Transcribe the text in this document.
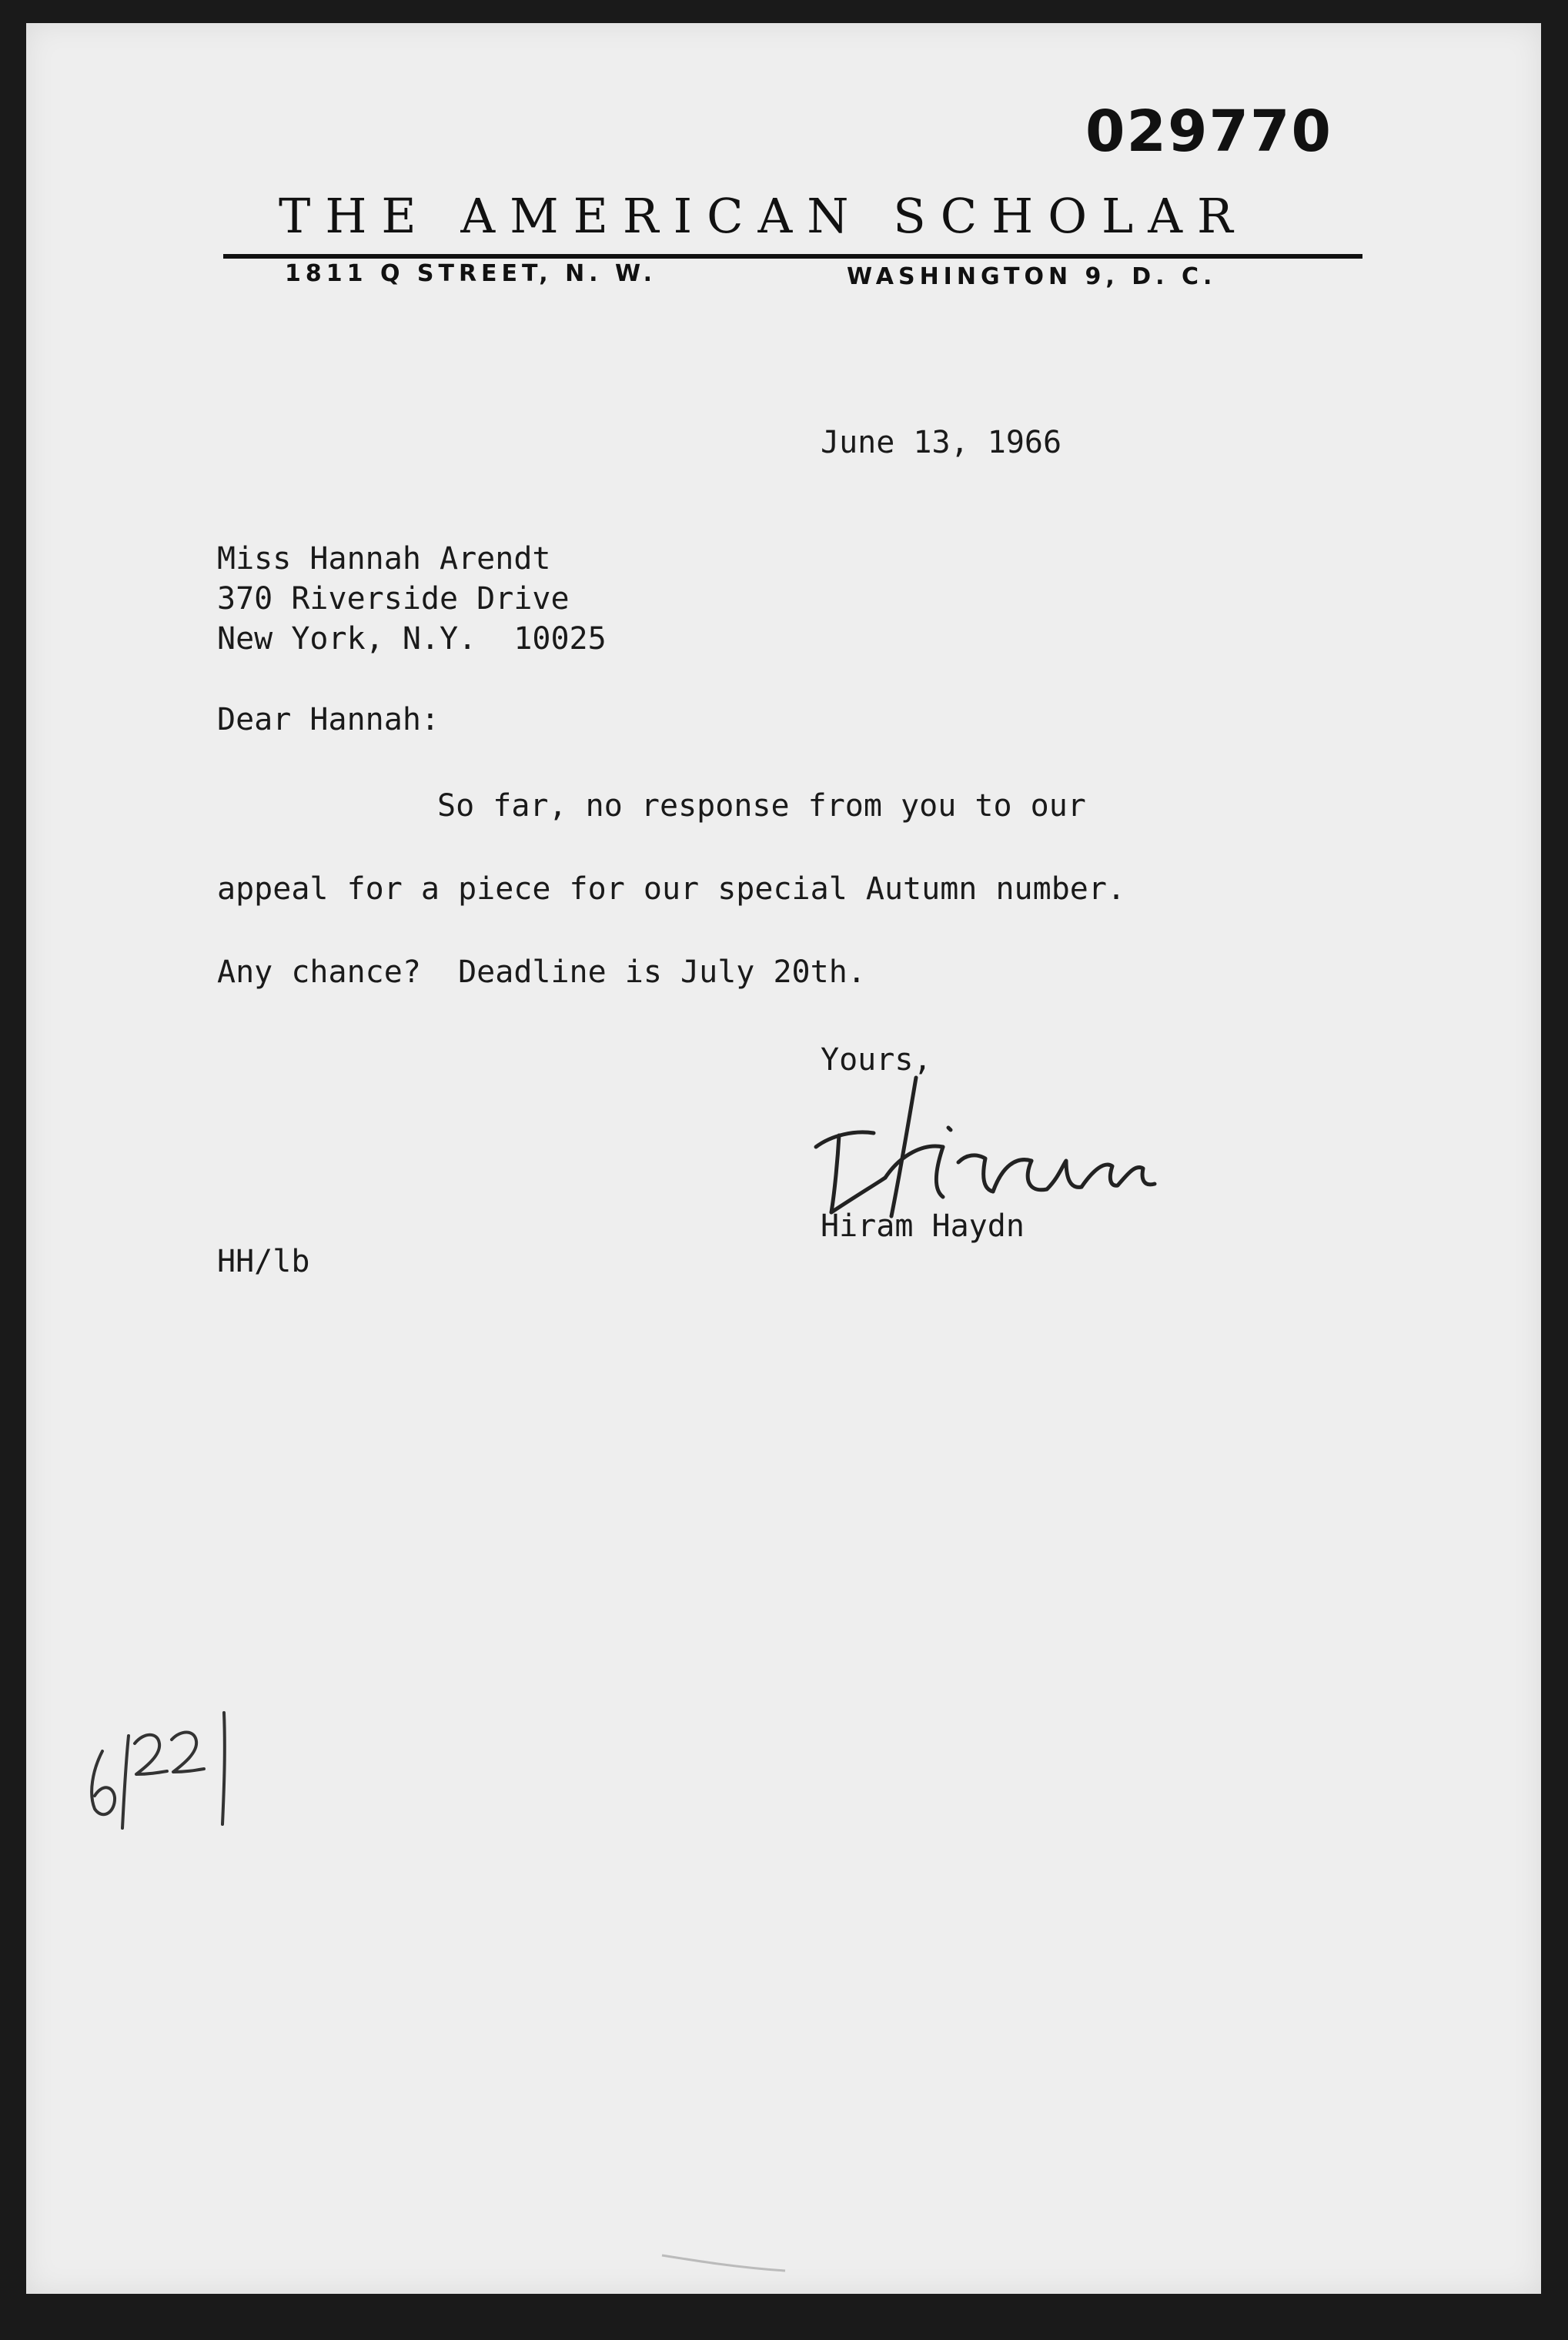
029770
THE AMERICAN SCHOLAR
1811 Q STREET, N. W.	WASHINGTON 9, D. C.
June 13, 1966
Miss Hannah Arendt
370 Riverside Drive
New York, N.Y.  10025
Dear Hannah:
So far, no response from you to our
appeal for a piece for our special Autumn number.
Any chance?  Deadline is July 20th.
Yours,
Hiram Haydn
HH/lb
